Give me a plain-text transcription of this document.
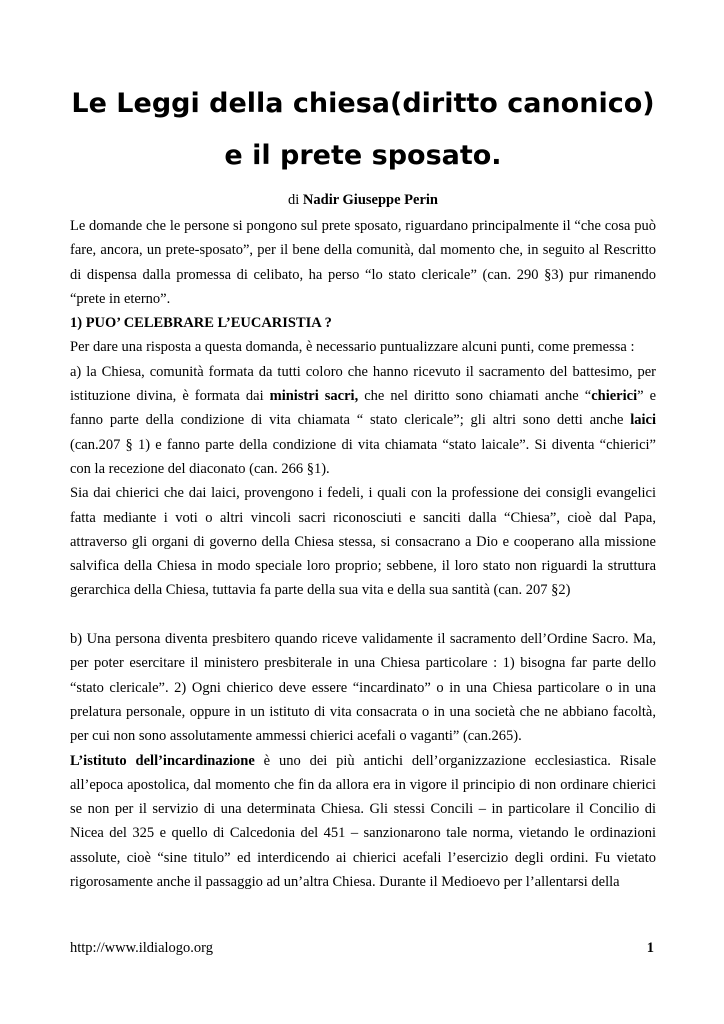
Le Leggi della chiesa(diritto canonico)
e il prete sposato.
di Nadir Giuseppe Perin

Le domande che le persone si pongono sul prete sposato, riguardano principalmente il “che cosa può fare, ancora, un prete-sposato”, per il bene della comunità, dal momento che, in seguito al Rescritto di dispensa dalla promessa di celibato, ha perso “lo stato clericale” (can. 290 §3) pur rimanendo “prete in eterno”.

1) PUO’ CELEBRARE L’EUCARISTIA ?

Per dare una risposta a questa domanda, è necessario puntualizzare alcuni punti, come premessa :

a) la Chiesa, comunità formata da tutti coloro che hanno ricevuto il sacramento del battesimo, per istituzione divina, è formata dai ministri sacri, che nel diritto sono chiamati anche “chierici” e fanno parte della condizione di vita chiamata “ stato clericale”; gli altri sono detti anche laici (can.207 § 1) e fanno parte della condizione di vita chiamata “stato laicale”. Si diventa “chierici” con la recezione del diaconato (can. 266 §1).

Sia dai chierici che dai laici, provengono i fedeli, i quali con la professione dei consigli evangelici fatta mediante i voti o altri vincoli sacri riconosciuti e sanciti dalla “Chiesa”, cioè dal Papa, attraverso gli organi di governo della Chiesa stessa, si consacrano a Dio e cooperano alla missione salvifica della Chiesa in modo speciale loro proprio; sebbene, il loro stato non riguardi la struttura gerarchica della Chiesa, tuttavia fa parte della sua vita e della sua santità (can. 207 §2)

b) Una persona diventa presbitero quando riceve validamente il sacramento dell’Ordine Sacro. Ma, per poter esercitare il ministero presbiterale in una Chiesa particolare : 1) bisogna far parte dello “stato clericale”. 2) Ogni chierico deve essere “incardinato” o in una Chiesa particolare o in una prelatura personale, oppure in un istituto di vita consacrata o in una società che ne abbiano facoltà, per cui non sono assolutamente ammessi chierici acefali o vaganti” (can.265).

L’istituto dell’incardinazione è uno dei più antichi dell’organizzazione ecclesiastica. Risale all’epoca apostolica, dal momento che fin da allora era in vigore il principio di non ordinare chierici se non per il servizio di una determinata Chiesa. Gli stessi Concili – in particolare il Concilio di Nicea del 325 e quello di Calcedonia del 451 – sanzionarono tale norma, vietando le ordinazioni assolute, cioè “sine titulo” ed interdicendo ai chierici acefali l’esercizio degli ordini. Fu vietato rigorosamente anche il passaggio ad un’altra Chiesa. Durante il Medioevo per l’allentarsi della

http://www.ildialogo.org	1
